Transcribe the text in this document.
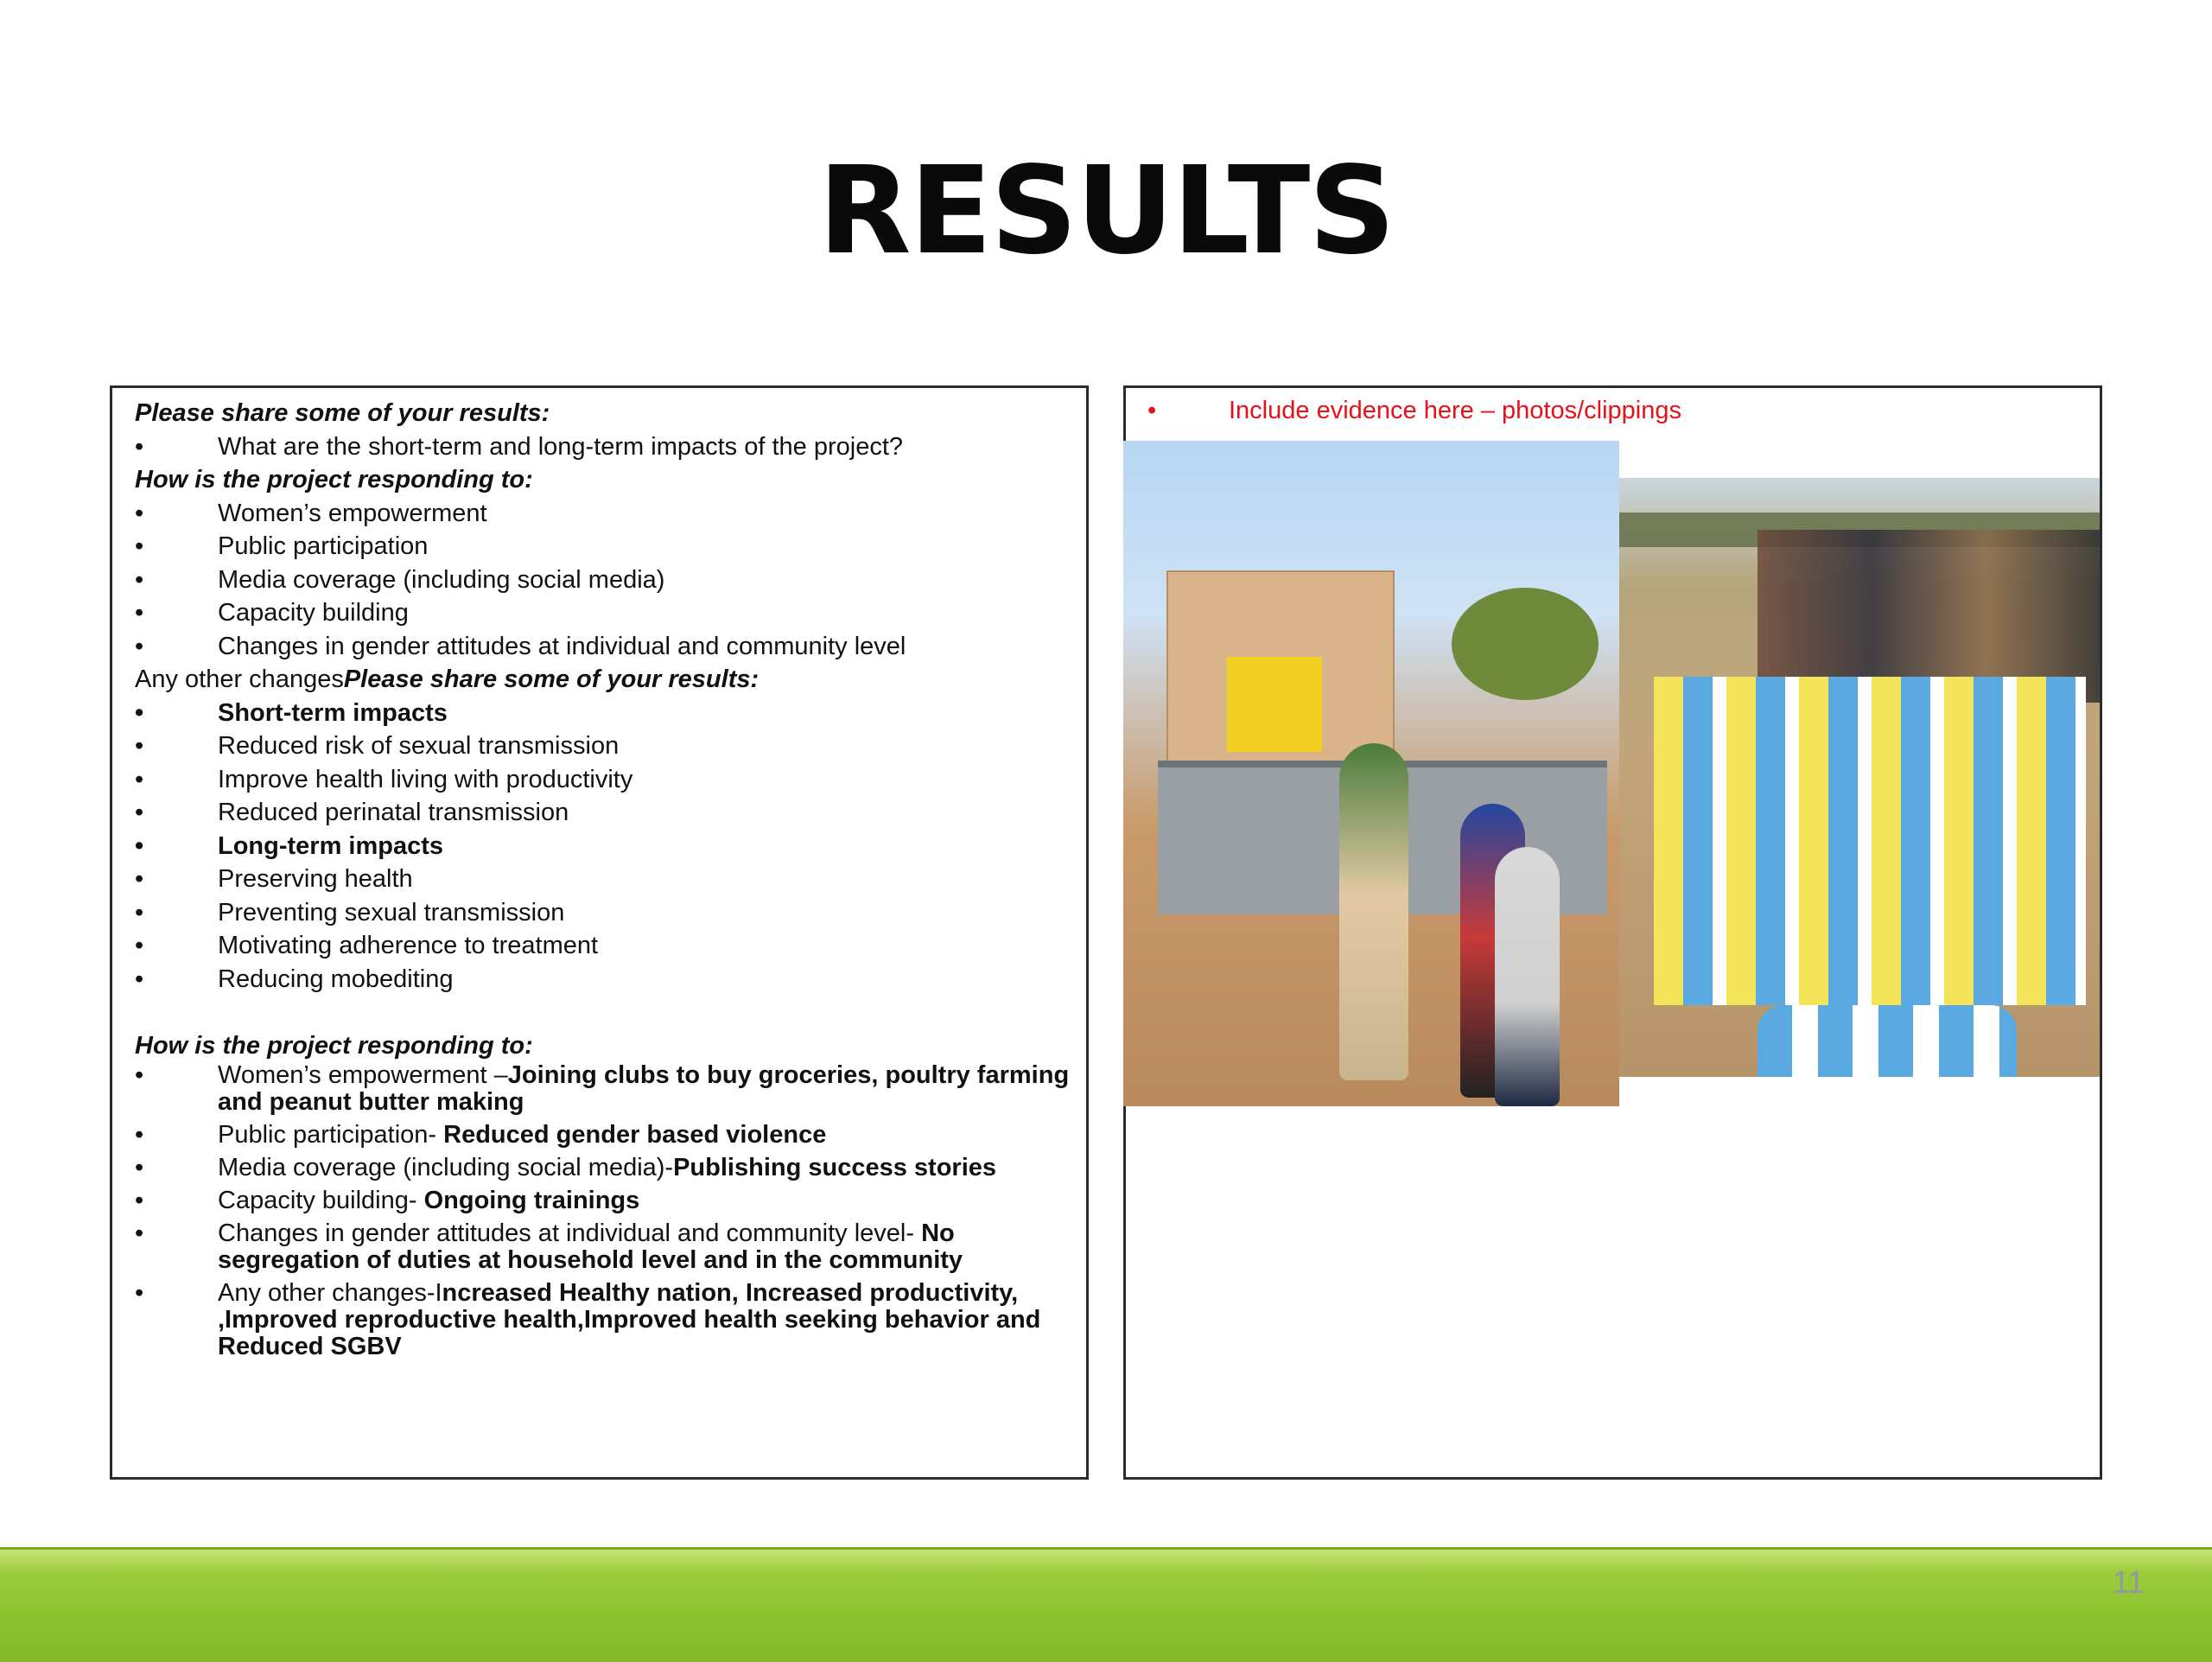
RESULTS
Please share some of your results:
• What are the short-term and long-term impacts of the project?
How is the project responding to:
• Women’s empowerment
• Public participation
• Media coverage (including social media)
• Capacity building
• Changes in gender attitudes at individual and community level
Any other changesPlease share some of your results:
• Short-term impacts
• Reduced risk of sexual transmission
• Improve health living with productivity
• Reduced perinatal transmission
• Long-term impacts
• Preserving health
• Preventing sexual transmission
• Motivating adherence to treatment
• Reducing mobediting
How is the project responding to:
• Women’s empowerment –Joining clubs to buy groceries, poultry farming and peanut butter making
• Public participation- Reduced gender based violence
• Media coverage (including social media)-Publishing success stories
• Capacity building- Ongoing trainings
• Changes in gender attitudes at individual and community level- No segregation of duties at household level and in the community
• Any other changes-Increased Healthy nation, Increased productivity, ,Improved reproductive health,Improved health seeking behavior and Reduced SGBV
•	Include evidence here – photos/clippings
11
